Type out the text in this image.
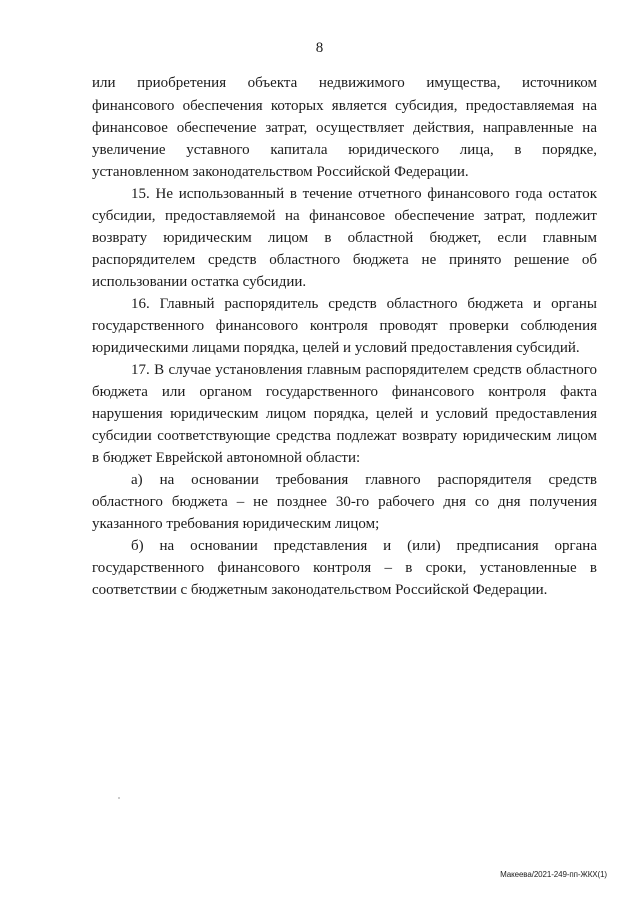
8
или приобретения объекта недвижимого имущества, источником
финансового обеспечения которых является субсидия, предоставляемая на
финансовое обеспечение затрат, осуществляет действия, направленные на
увеличение уставного капитала юридического лица, в порядке,
установленном законодательством Российской Федерации.
15. Не использованный в течение отчетного финансового года остаток
субсидии, предоставляемой на финансовое обеспечение затрат, подлежит
возврату юридическим лицом в областной бюджет, если главным
распорядителем средств областного бюджета не принято решение об
использовании остатка субсидии.
16. Главный распорядитель средств областного бюджета и органы
государственного финансового контроля проводят проверки соблюдения
юридическими лицами порядка, целей и условий предоставления субсидий.
17. В случае установления главным распорядителем средств областного
бюджета или органом государственного финансового контроля факта
нарушения юридическим лицом порядка, целей и условий предоставления
субсидии соответствующие средства подлежат возврату юридическим лицом
в бюджет Еврейской автономной области:
а) на основании требования главного распорядителя средств
областного бюджета – не позднее 30-го рабочего дня со дня получения
указанного требования юридическим лицом;
б) на основании представления и (или) предписания органа
государственного финансового контроля – в сроки, установленные в
соответствии с бюджетным законодательством Российской Федерации.
Макеева/2021-249-пп-ЖКХ(1)
